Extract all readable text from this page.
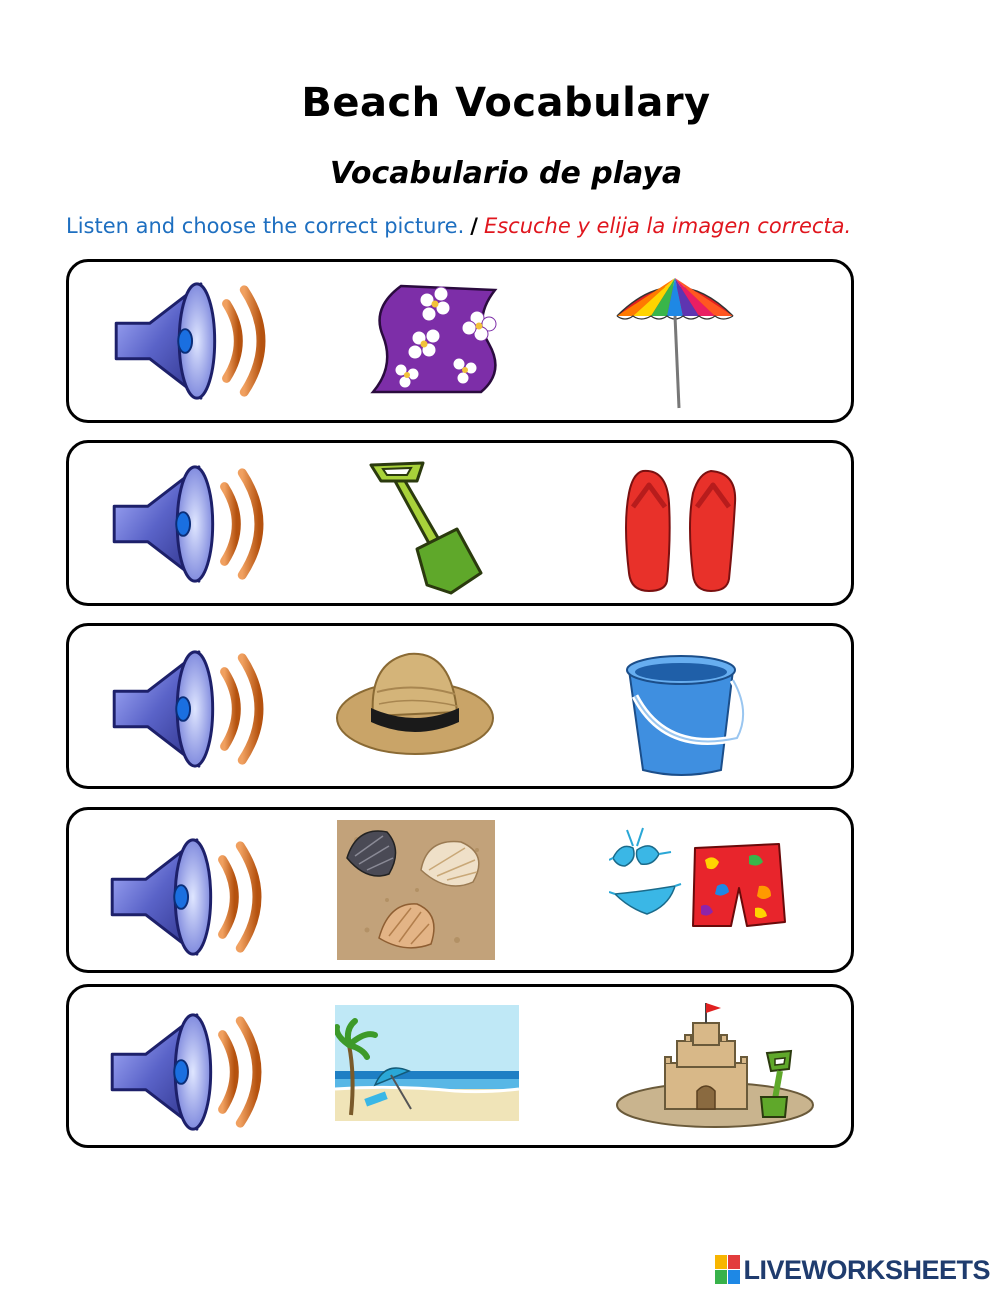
Beach Vocabulary
Vocabulario de playa
Listen and choose the correct picture. / Escuche y elija la imagen correcta.
LIVEWORKSHEETS
